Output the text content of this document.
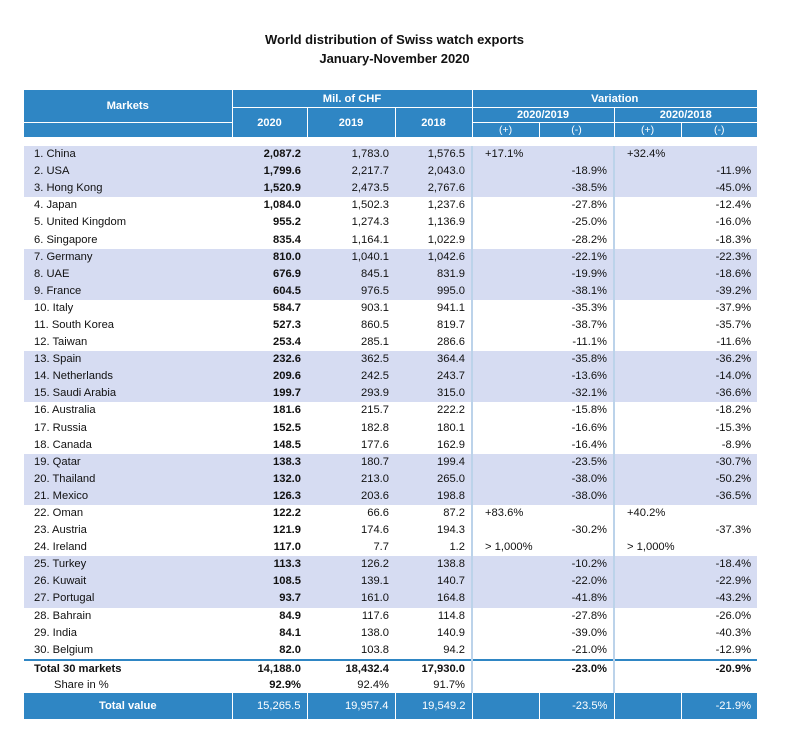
World distribution of Swiss watch exports
January-November 2020
Markets	Mil. of CHF			Variation			
	2020	2019	2018	2020/2019		2020/2018	
				(+)	(-)	(+)	(-)

1. China	2,087.2	1,783.0	1,576.5	+17.1%		+32.4%	
2. USA	1,799.6	2,217.7	2,043.0		-18.9%		-11.9%
3. Hong Kong	1,520.9	2,473.5	2,767.6		-38.5%		-45.0%
4. Japan	1,084.0	1,502.3	1,237.6		-27.8%		-12.4%
5. United Kingdom	955.2	1,274.3	1,136.9		-25.0%		-16.0%
6. Singapore	835.4	1,164.1	1,022.9		-28.2%		-18.3%
7. Germany	810.0	1,040.1	1,042.6		-22.1%		-22.3%
8. UAE	676.9	845.1	831.9		-19.9%		-18.6%
9. France	604.5	976.5	995.0		-38.1%		-39.2%
10. Italy	584.7	903.1	941.1		-35.3%		-37.9%
11. South Korea	527.3	860.5	819.7		-38.7%		-35.7%
12. Taiwan	253.4	285.1	286.6		-11.1%		-11.6%
13. Spain	232.6	362.5	364.4		-35.8%		-36.2%
14. Netherlands	209.6	242.5	243.7		-13.6%		-14.0%
15. Saudi Arabia	199.7	293.9	315.0		-32.1%		-36.6%
16. Australia	181.6	215.7	222.2		-15.8%		-18.2%
17. Russia	152.5	182.8	180.1		-16.6%		-15.3%
18. Canada	148.5	177.6	162.9		-16.4%		-8.9%
19. Qatar	138.3	180.7	199.4		-23.5%		-30.7%
20. Thailand	132.0	213.0	265.0		-38.0%		-50.2%
21. Mexico	126.3	203.6	198.8		-38.0%		-36.5%
22. Oman	122.2	66.6	87.2	+83.6%		+40.2%	
23. Austria	121.9	174.6	194.3		-30.2%		-37.3%
24. Ireland	117.0	7.7	1.2	> 1,000%		> 1,000%	
25. Turkey	113.3	126.2	138.8		-10.2%		-18.4%
26. Kuwait	108.5	139.1	140.7		-22.0%		-22.9%
27. Portugal	93.7	161.0	164.8		-41.8%		-43.2%
28. Bahrain	84.9	117.6	114.8		-27.8%		-26.0%
29. India	84.1	138.0	140.9		-39.0%		-40.3%
30. Belgium	82.0	103.8	94.2		-21.0%		-12.9%
Total 30 markets	14,188.0	18,432.4	17,930.0		-23.0%		-20.9%
Share in %	92.9%	92.4%	91.7%				
Total value	15,265.5	19,957.4	19,549.2		-23.5%		-21.9%
